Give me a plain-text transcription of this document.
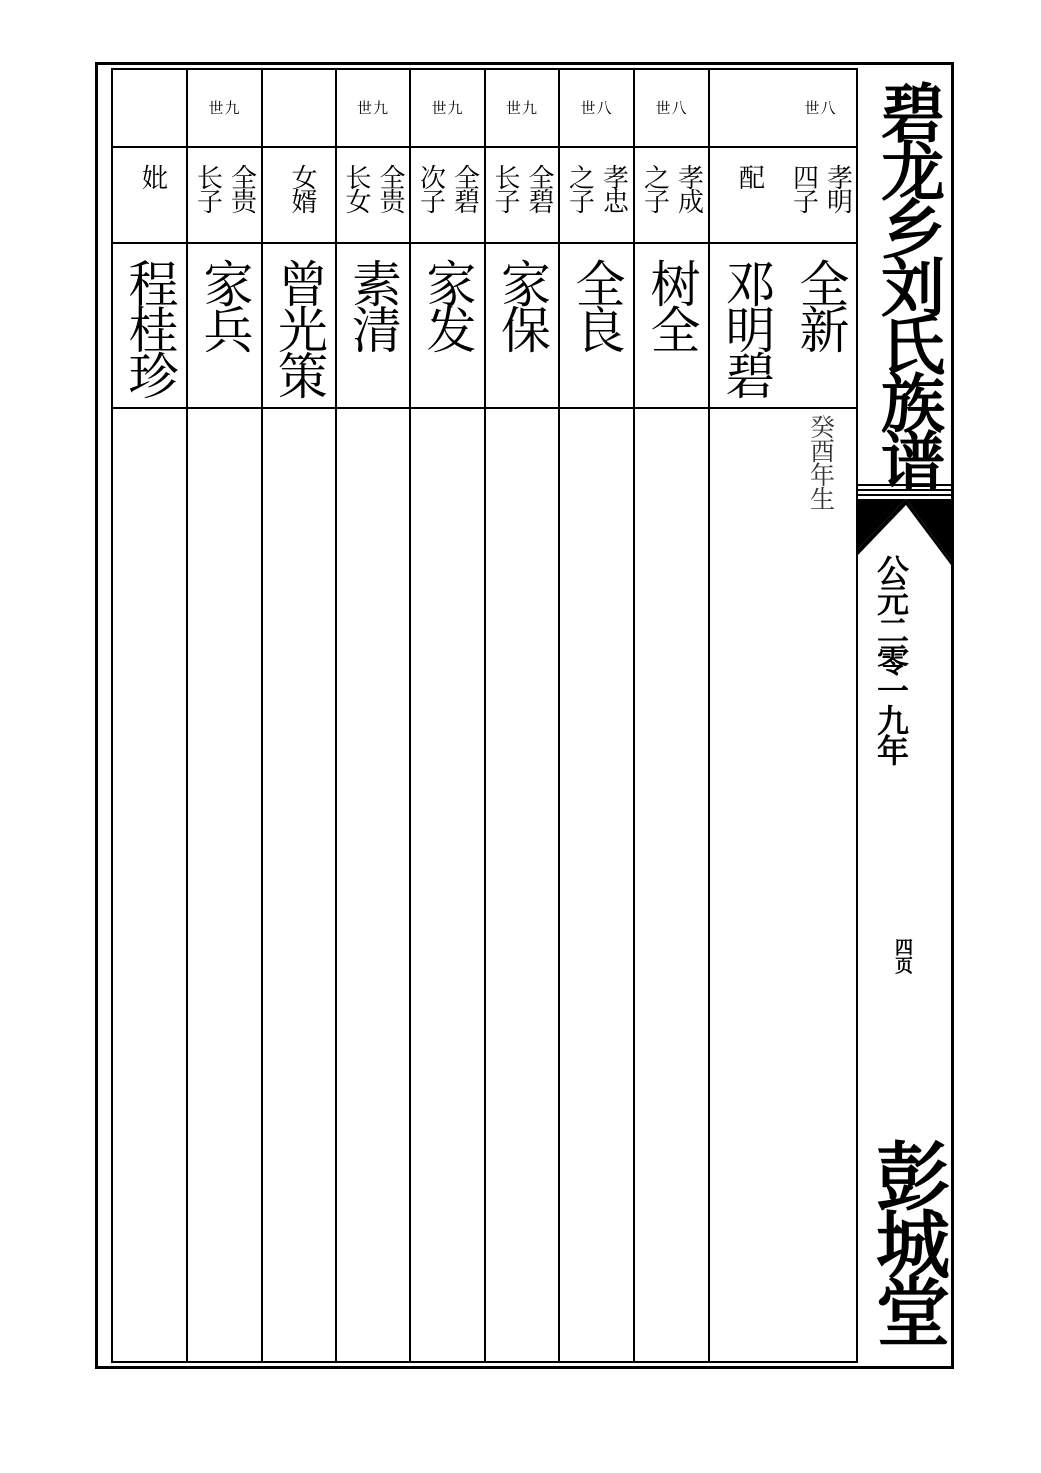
世八
孝明
四子
全新
癸酉年生
配
邓明碧
世八
孝成
之子
树全
世八
孝忠
之子
全良
世九
全碧
长子
家保
世九
全碧
次子
家发
世九
全贵
长女
素清
女婿
曾光策
世九
全贵
长子
家兵
妣
程桂珍	碧龙乡刘氏族谱
公元二零一九年
四页
彭城堂
